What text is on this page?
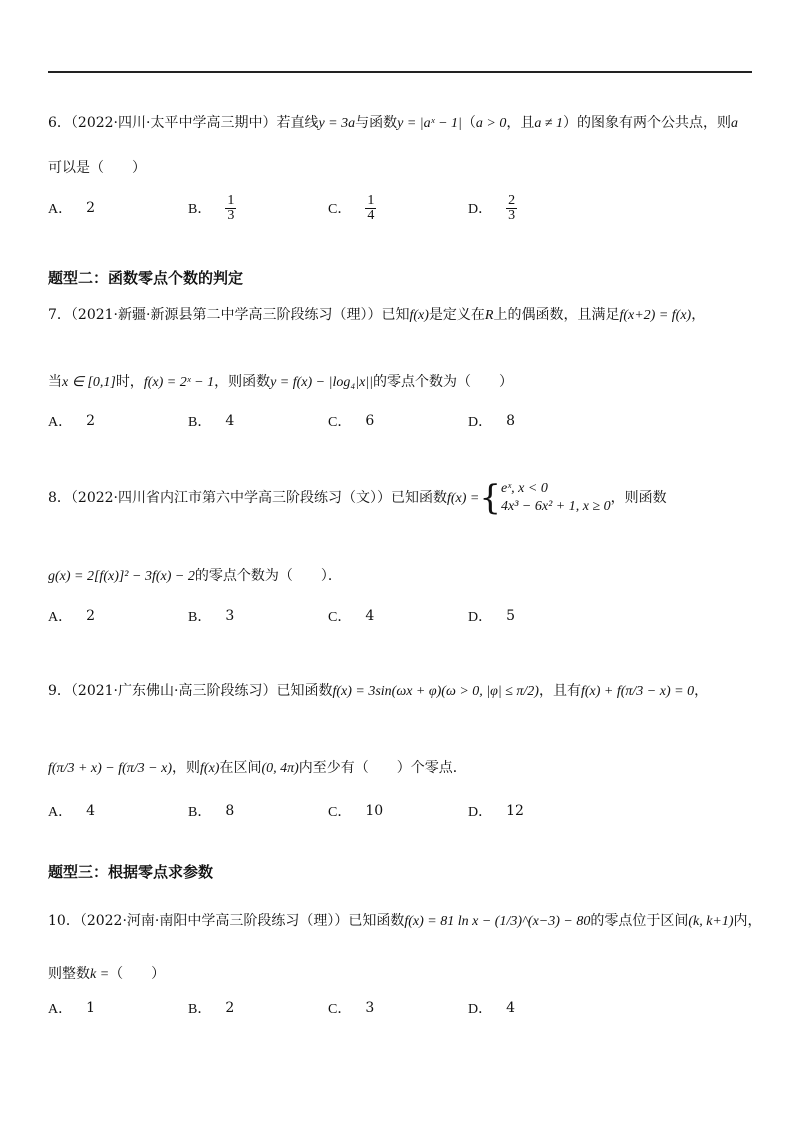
6．（2022·四川·太平中学高三期中）若直线y = 3a与函数y = |aˣ − 1|（a > 0，且a ≠ 1）的图象有两个公共点，则a
可以是（　　）
A． 2	B． $\frac{1}{3}$	C． $\frac{1}{4}$	D． $\frac{2}{3}$
题型二：函数零点个数的判定
7．（2021·新疆·新源县第二中学高三阶段练习（理））已知f(x)是定义在R上的偶函数，且满足f(x+2) = f(x)，
当x ∈ [0,1]时，f(x) = 2ˣ − 1，则函数y = f(x) − |log₄|x||的零点个数为（　　）
A． 2	B． 4	C． 6	D． 8
8．（2022·四川省内江市第六中学高三阶段练习（文））已知函数f(x) ={ eˣ, x < 0
4x³ − 6x² + 1, x ≥ 0
，则函数
g(x) = 2[f(x)]² − 3f(x) − 2的零点个数为（　　）．
A． 2	B． 3	C． 4	D． 5
9．（2021·广东佛山·高三阶段练习）已知函数f(x) = 3sin(ωx + φ)(ω > 0, |φ| ≤ π/2)，且有f(x) + f(π/3 − x) = 0，
f(π/3 + x) − f(π/3 − x)，则f(x)在区间(0, 4π)内至少有（　　）个零点．
A． 4	B． 8	C． 10	D． 12
题型三：根据零点求参数
10．（2022·河南·南阳中学高三阶段练习（理））已知函数f(x) = 81 ln x − (1/3)^(x−3) − 80的零点位于区间(k, k+1)内，
则整数k =（　　）
A． 1	B． 2	C． 3	D． 4
